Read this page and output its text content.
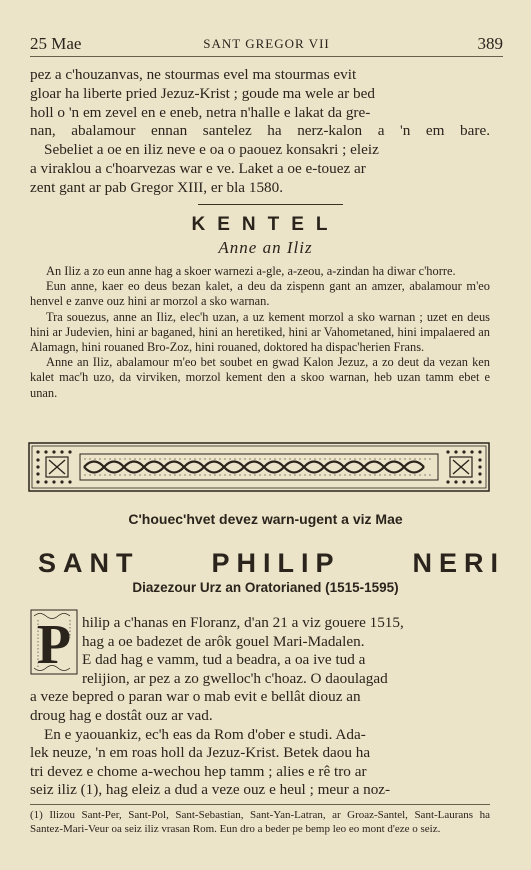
25 Mae	SANT GREGOR VII	389

pez a c'houzanvas, ne stourmas evel ma stourmas evit

gloar ha liberte pried Jezuz-Krist ; goude ma wele ar bed

holl o 'n em zevel en e eneb, netra n'halle e lakat da gre-

nan, abalamour ennan santelez ha nerz-kalon a 'n em bare.

Sebeliet a oe en iliz neve e oa o paouez konsakri ; eleiz

a viraklou a c'hoarvezas war e ve. Laket a oe e-touez ar

zent gant ar pab Gregor XIII, er bla 1580.

KENTEL
Anne an Iliz

An Iliz a zo eun anne hag a skoer warnezi a-gle, a-zeou, a-zindan ha diwar c'horre.

Eun anne, kaer eo deus bezan kalet, a deu da zispenn gant an amzer, abalamour m'eo henvel e zanve ouz hini ar morzol a sko warnan.

Tra souezus, anne an Iliz, elec'h uzan, a uz kement morzol a sko warnan ; uzet en deus hini ar Judevien, hini ar baganed, hini an heretiked, hini ar Vahometaned, hini impalaered an Alamagn, hini rouaned Bro-Zoz, hini rouaned, doktored ha dispac'herien Frans.

Anne an Iliz, abalamour m'eo bet soubet en gwad Kalon Jezuz, a zo deut da vezan ken kalet mac'h uzo, da virviken, morzol kement den a skoo warnan, heb uzan tamm ebet e unan.

C'houec'hvet devez warn-ugent a viz Mae
SANT	PHILIP	NERI
Diazezour Urz an Oratorianed (1515-1595)
P hilip a c'hanas en Floranz, d'an 21 a viz gouere 1515,

hag a oe badezet de arôk gouel Mari-Madalen.

E dad hag e vamm, tud a beadra, a oa ive tud a

relijion, ar pez a zo gwelloc'h c'hoaz. O daoulagad

a veze bepred o paran war o mab evit e bellât diouz an

droug hag e dostât ouz ar vad.

En e yaouankiz, ec'h eas da Rom d'ober e studi. Ada-

lek neuze, 'n em roas holl da Jezuz-Krist. Betek daou ha

tri devez e chome a-wechou hep tamm ; alies e rê tro ar

seiz iliz (1), hag eleiz a dud a veze ouz e heul ; meur a noz-

(1) Ilizou Sant-Per, Sant-Pol, Sant-Sebastian, Sant-Yan-Latran, ar Groaz-Santel, Sant-Laurans ha Santez-Mari-Veur oa seiz iliz vrasan Rom. Eun dro a beder pe bemp leo eo mont d'eze o seiz.
